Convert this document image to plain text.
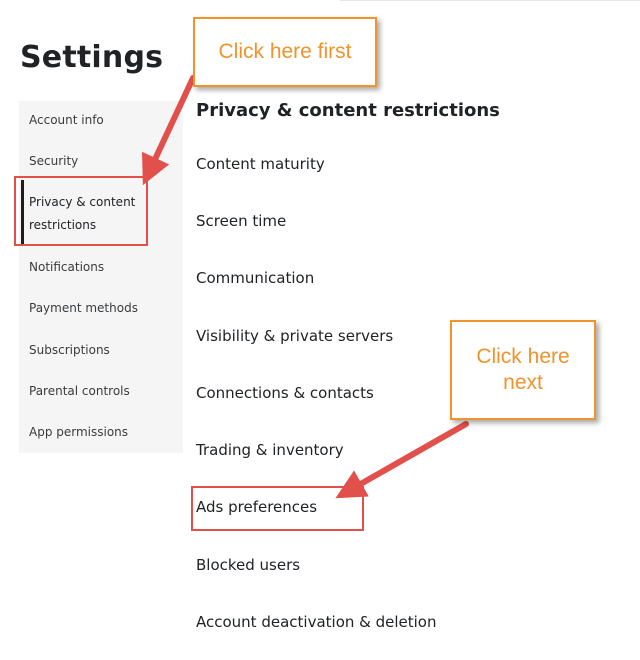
Settings
Account info
Security
Privacy & content restrictions
Notifications
Payment methods
Subscriptions
Parental controls
App permissions
Privacy & content restrictions
Content maturity
Screen time
Communication
Visibility & private servers
Connections & contacts
Trading & inventory
Ads preferences
Blocked users
Account deactivation & deletion
Click here first
Click here
next
